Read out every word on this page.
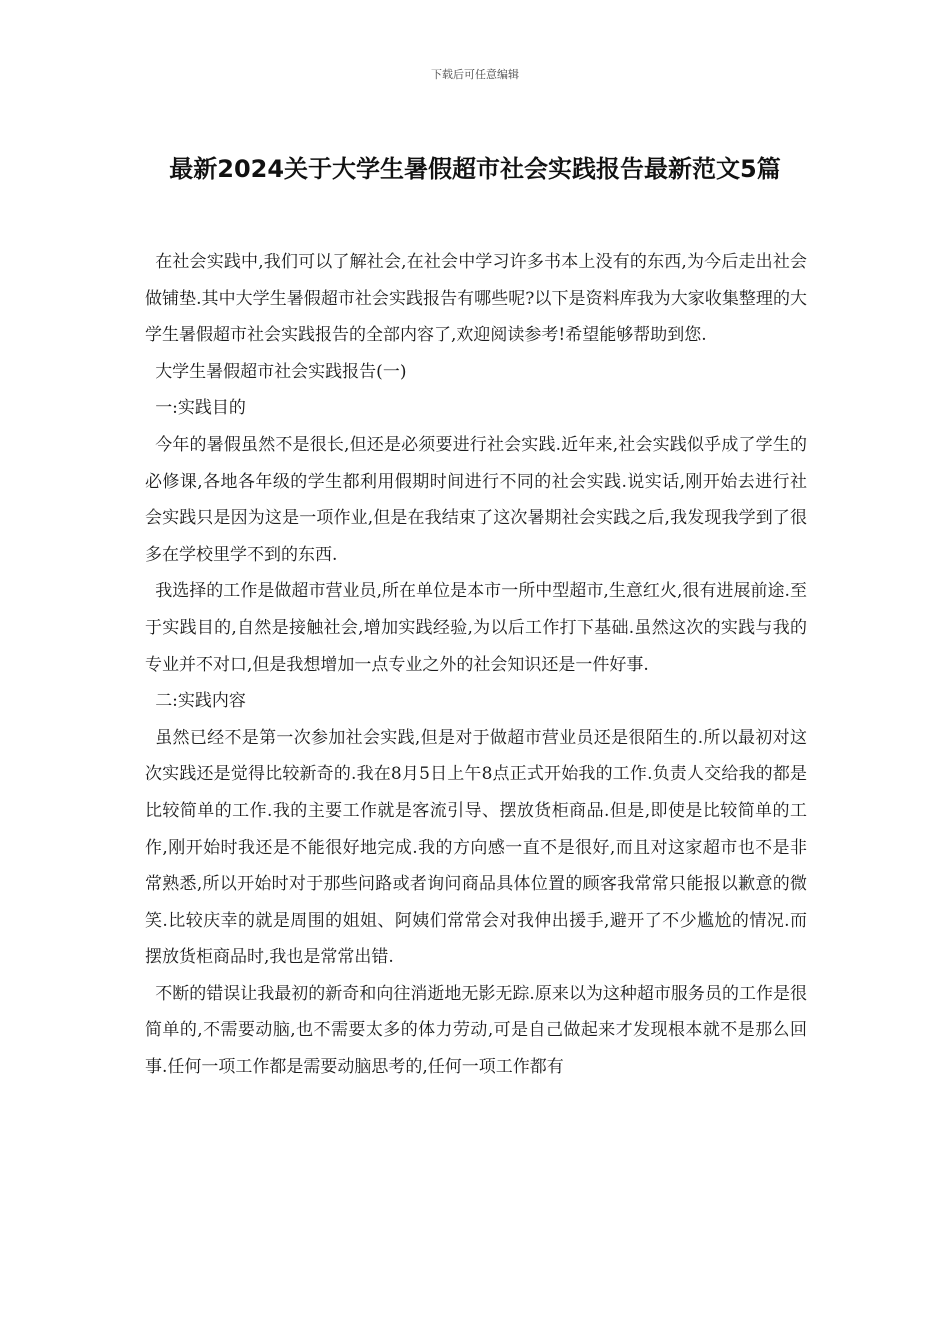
下载后可任意编辑
最新2024关于大学生暑假超市社会实践报告最新范文5篇

在社会实践中,我们可以了解社会,在社会中学习许多书本上没有的东西,为今后走出社会做铺垫.其中大学生暑假超市社会实践报告有哪些呢?以下是资料库我为大家收集整理的大学生暑假超市社会实践报告的全部内容了,欢迎阅读参考!希望能够帮助到您.

大学生暑假超市社会实践报告(一)

一:实践目的

今年的暑假虽然不是很长,但还是必须要进行社会实践.近年来,社会实践似乎成了学生的必修课,各地各年级的学生都利用假期时间进行不同的社会实践.说实话,刚开始去进行社会实践只是因为这是一项作业,但是在我结束了这次暑期社会实践之后,我发现我学到了很多在学校里学不到的东西.

我选择的工作是做超市营业员,所在单位是本市一所中型超市,生意红火,很有进展前途.至于实践目的,自然是接触社会,增加实践经验,为以后工作打下基础.虽然这次的实践与我的专业并不对口,但是我想增加一点专业之外的社会知识还是一件好事.

二:实践内容

虽然已经不是第一次参加社会实践,但是对于做超市营业员还是很陌生的.所以最初对这次实践还是觉得比较新奇的.我在8月5日上午8点正式开始我的工作.负责人交给我的都是比较简单的工作.我的主要工作就是客流引导、摆放货柜商品.但是,即使是比较简单的工作,刚开始时我还是不能很好地完成.我的方向感一直不是很好,而且对这家超市也不是非常熟悉,所以开始时对于那些问路或者询问商品具体位置的顾客我常常只能报以歉意的微笑.比较庆幸的就是周围的姐姐、阿姨们常常会对我伸出援手,避开了不少尴尬的情况.而摆放货柜商品时,我也是常常出错.

不断的错误让我最初的新奇和向往消逝地无影无踪.原来以为这种超市服务员的工作是很简单的,不需要动脑,也不需要太多的体力劳动,可是自己做起来才发现根本就不是那么回事.任何一项工作都是需要动脑思考的,任何一项工作都有
